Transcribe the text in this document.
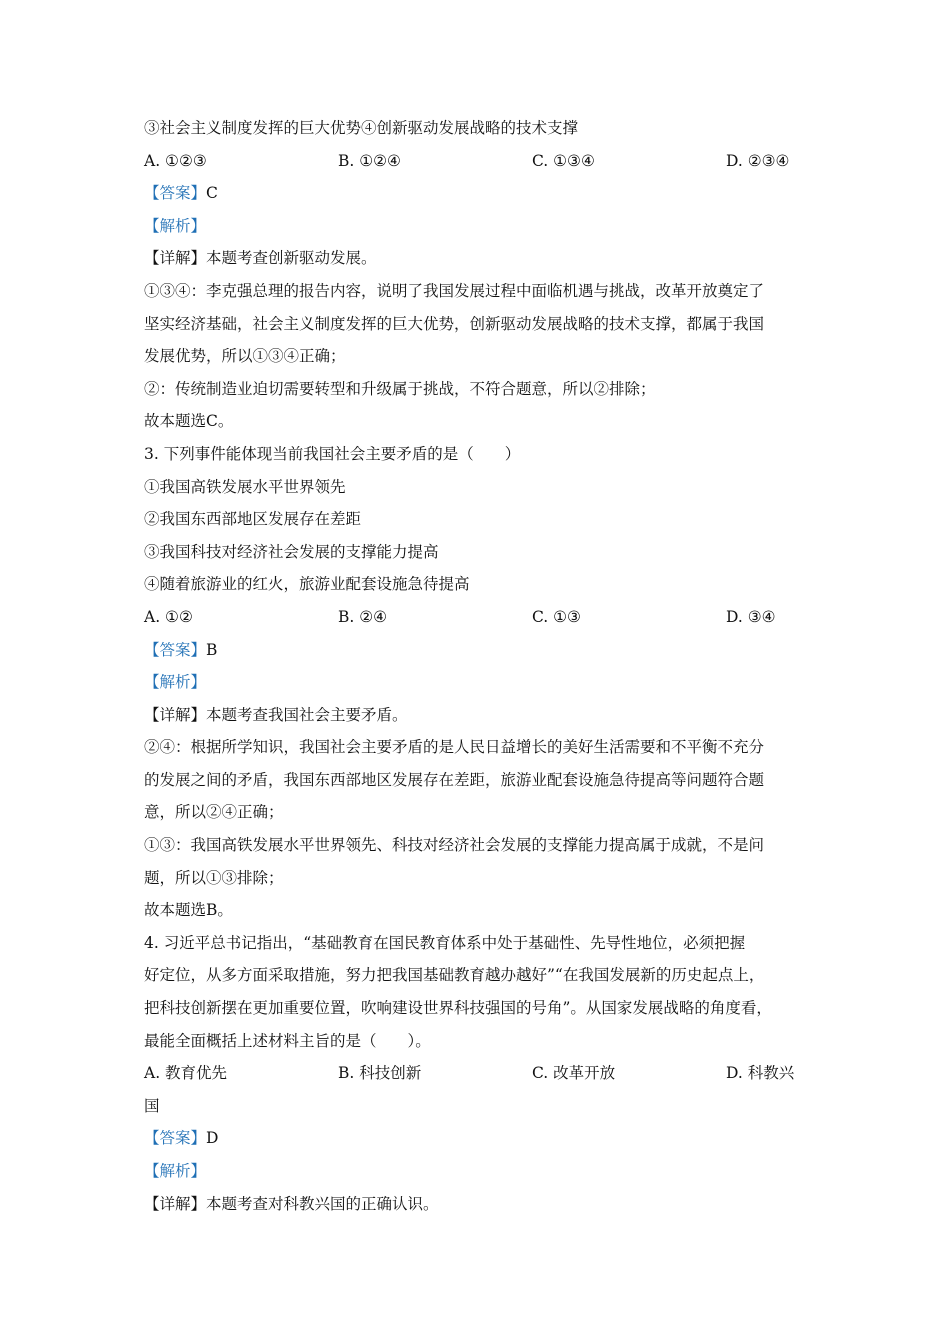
③社会主义制度发挥的巨大优势④创新驱动发展战略的技术支撑
A. ①②③	B. ①②④	C. ①③④	D. ②③④
【答案】C
【解析】
【详解】本题考查创新驱动发展。
①③④：李克强总理的报告内容，说明了我国发展过程中面临机遇与挑战，改革开放奠定了
坚实经济基础，社会主义制度发挥的巨大优势，创新驱动发展战略的技术支撑，都属于我国
发展优势，所以①③④正确；
②：传统制造业迫切需要转型和升级属于挑战，不符合题意，所以②排除；
故本题选C。
3. 下列事件能体现当前我国社会主要矛盾的是（　　）
①我国高铁发展水平世界领先
②我国东西部地区发展存在差距
③我国科技对经济社会发展的支撑能力提高
④随着旅游业的红火，旅游业配套设施急待提高
A. ①②	B. ②④	C. ①③	D. ③④
【答案】B
【解析】
【详解】本题考查我国社会主要矛盾。
②④：根据所学知识，我国社会主要矛盾的是人民日益增长的美好生活需要和不平衡不充分
的发展之间的矛盾，我国东西部地区发展存在差距，旅游业配套设施急待提高等问题符合题
意，所以②④正确；
①③：我国高铁发展水平世界领先、科技对经济社会发展的支撑能力提高属于成就，不是问
题，所以①③排除；
故本题选B。
4. 习近平总书记指出，“基础教育在国民教育体系中处于基础性、先导性地位，必须把握
好定位，从多方面采取措施，努力把我国基础教育越办越好”“在我国发展新的历史起点上，
把科技创新摆在更加重要位置，吹响建设世界科技强国的号角”。从国家发展战略的角度看，
最能全面概括上述材料主旨的是（　　）。
A. 教育优先	B. 科技创新	C. 改革开放	D. 科教兴
国
【答案】D
【解析】
【详解】本题考查对科教兴国的正确认识。
